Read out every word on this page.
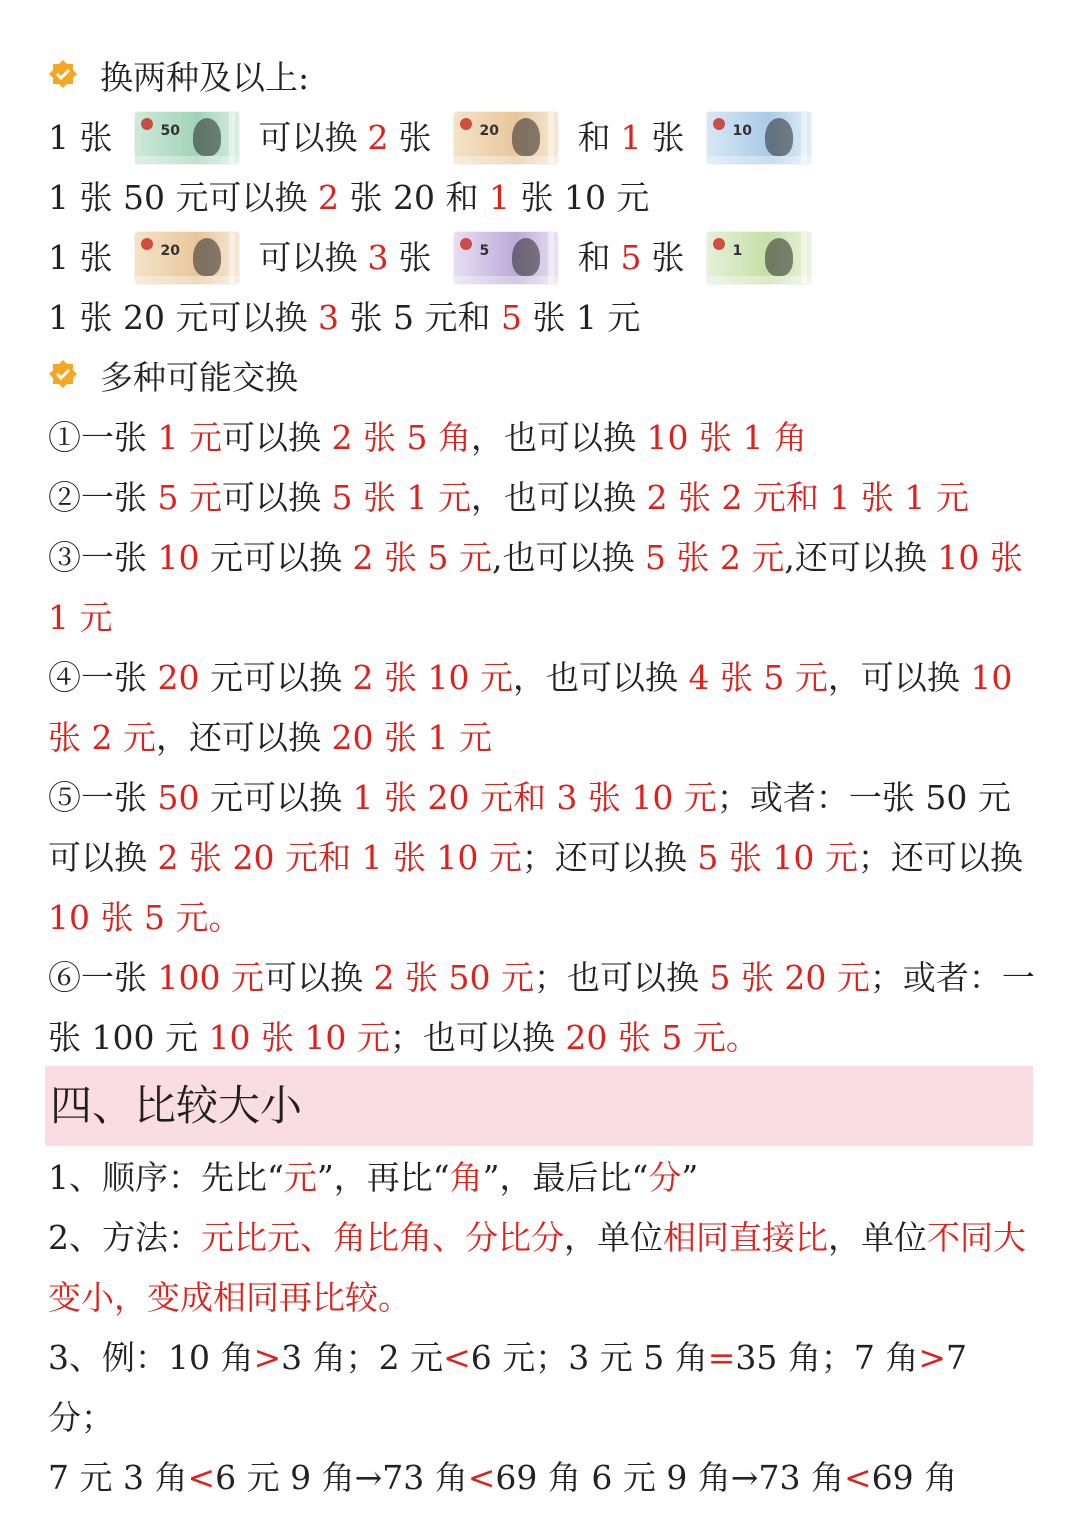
换两种及以上:
1 张	50 可以换 2 张	20 和 1 张	10
1 张 50 元可以换 2 张 20 和 1 张 10 元
1 张	20 可以换 3 张	5	和 5 张	1
1 张 20 元可以换 3 张 5 元和 5 张 1 元
多种可能交换
①一张 1 元可以换 2 张 5 角，也可以换 10 张 1 角
②一张 5 元可以换 5 张 1 元，也可以换 2 张 2 元和 1 张 1 元
③一张 10 元可以换 2 张 5 元,也可以换 5 张 2 元,还可以换 10 张 1 元
④一张 20 元可以换 2 张 10 元，也可以换 4 张 5 元，可以换 10 张 2 元，还可以换 20 张 1 元
⑤一张 50 元可以换 1 张 20 元和 3 张 10 元；或者：一张 50 元可以换 2 张 20 元和 1 张 10 元；还可以换 5 张 10 元；还可以换 10 张 5 元。
⑥一张 100 元可以换 2 张 50 元；也可以换 5 张 20 元；或者：一张 100 元 10 张 10 元；也可以换 20 张 5 元。
四、比较大小
1、顺序：先比“元”，再比“角”，最后比“分”
2、方法：元比元、角比角、分比分，单位相同直接比，单位不同大变小，变成相同再比较。
3、例：10 角>3 角；2 元<6 元；3 元 5 角=35 角；7 角>7 分；
7 元 3 角<6 元 9 角→73 角<69 角 6 元 9 角→73 角<69 角
